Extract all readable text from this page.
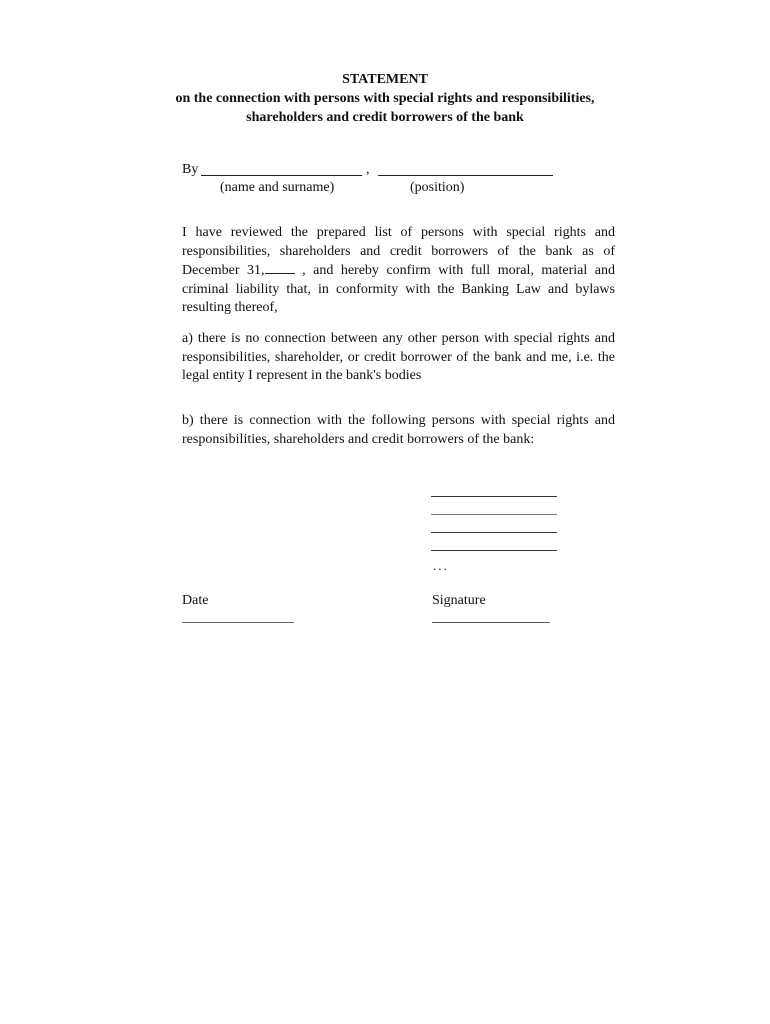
STATEMENT
on the connection with persons with special rights and responsibilities,
shareholders and credit borrowers of the bank
By	,
(name and surname)	(position)

I have reviewed the prepared list of persons with special rights and
responsibilities, shareholders and credit borrowers of the bank as of
December 31, , and hereby confirm with full moral, material and
criminal liability that, in conformity with the Banking Law and bylaws
resulting thereof,

a) there is no connection between any other person with special rights and
responsibilities, shareholder, or credit borrower of the bank and me, i.e. the
legal entity I represent in the bank's bodies

b) there is connection with the following persons with special rights and
responsibilities, shareholders and credit borrowers of the bank:

...
Date	Signature
